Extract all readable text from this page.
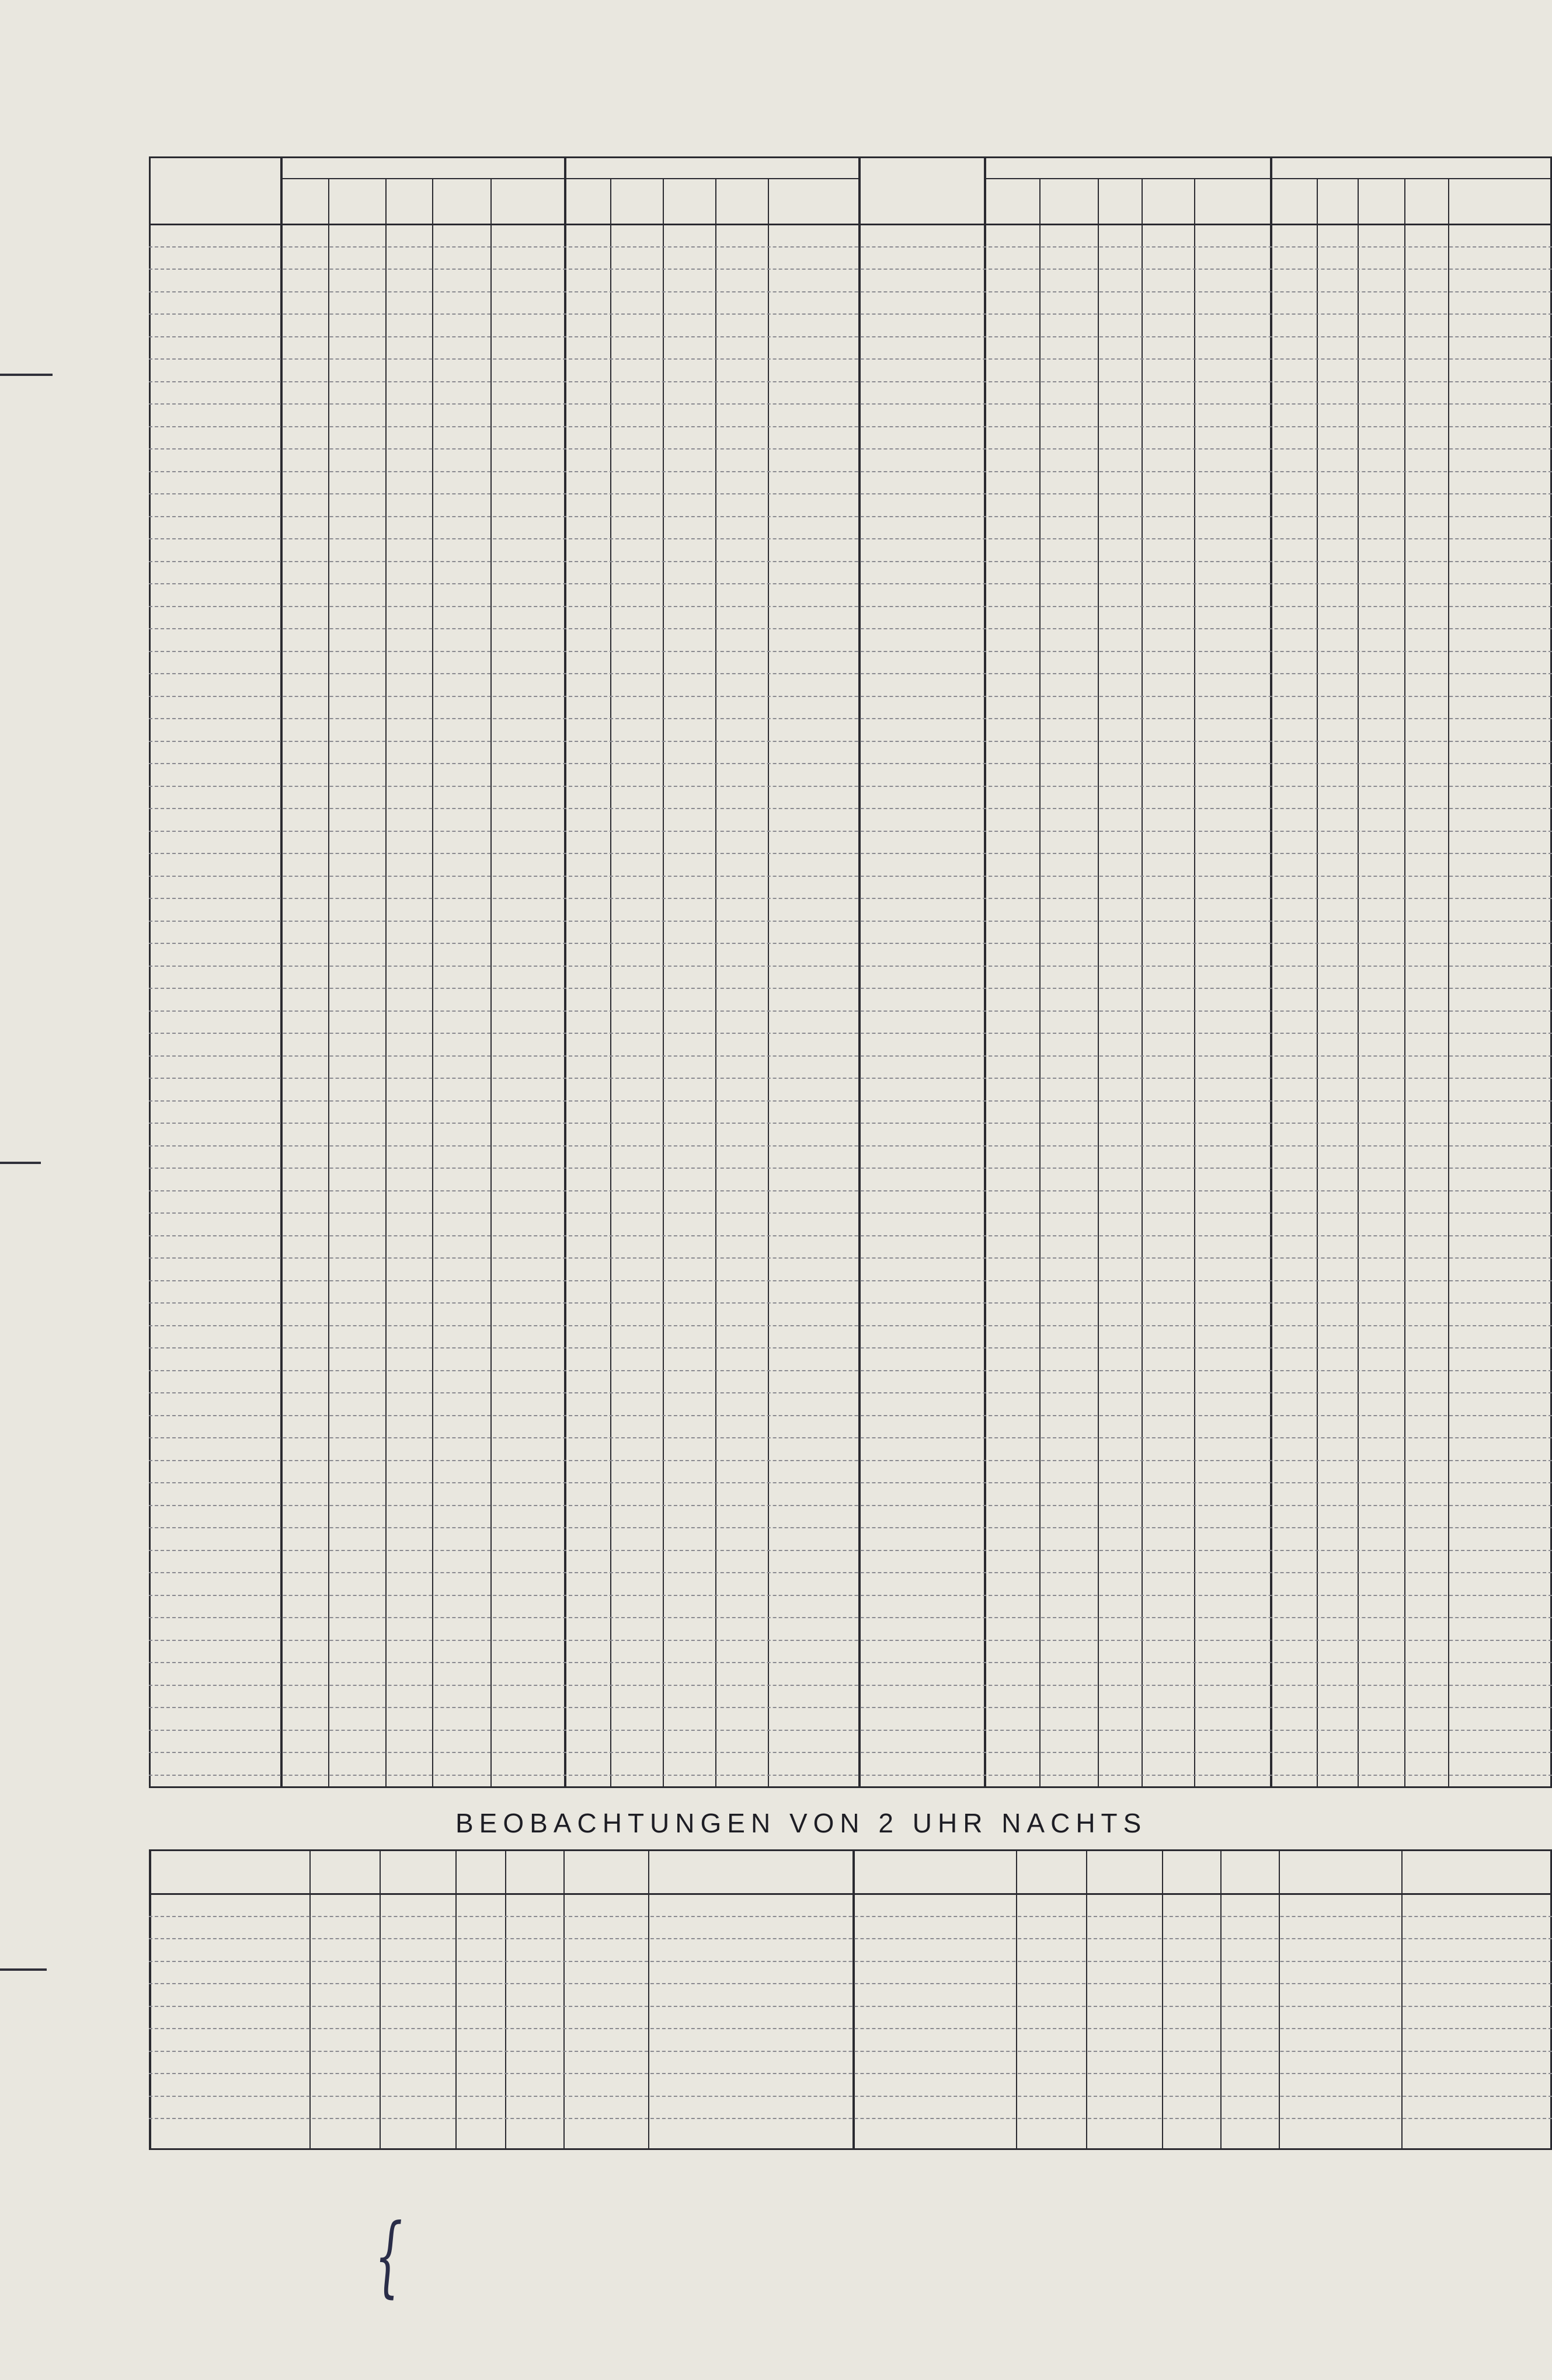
BEOBACHTUNGEN VON 2 UHR NACHTS
{
